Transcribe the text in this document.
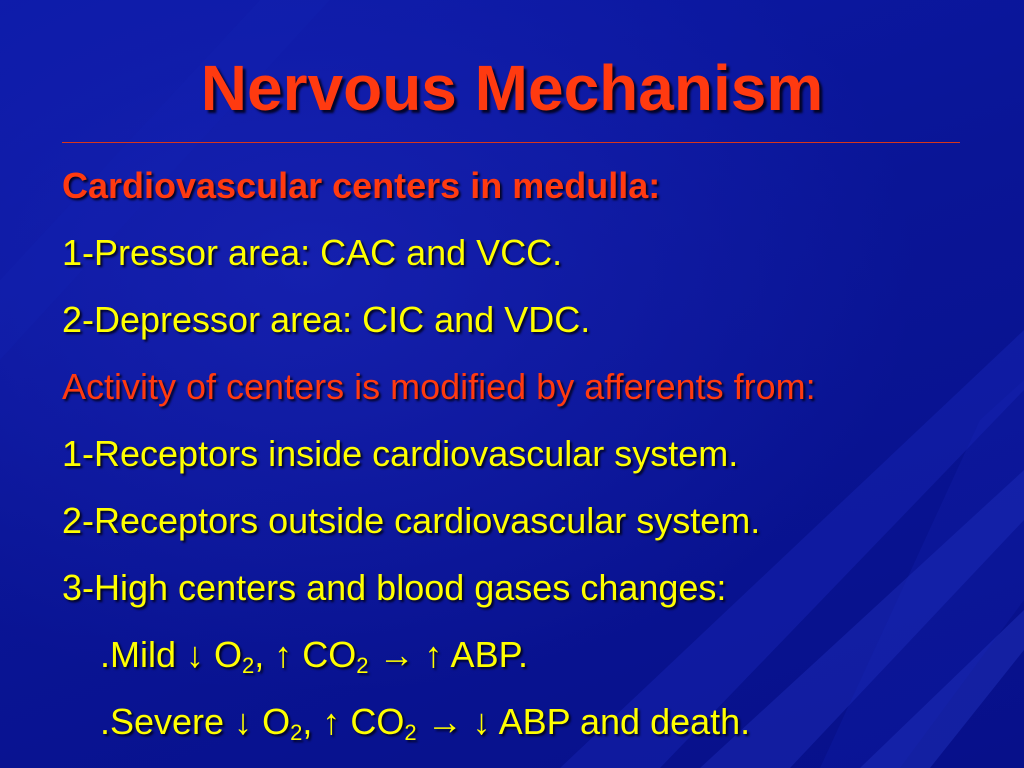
Nervous Mechanism
Cardiovascular centers in medulla:
1-Pressor area: CAC and VCC.
2-Depressor area: CIC and VDC.
Activity of centers is modified by afferents from:
1-Receptors inside cardiovascular system.
2-Receptors outside cardiovascular system.
3-High centers and blood gases changes:
.Mild ↓ $O_2$, ↑ $CO_2$ → ↑ ABP.
.Severe ↓ $O_2$, ↑ $CO_2$ → ↓ ABP and death.
